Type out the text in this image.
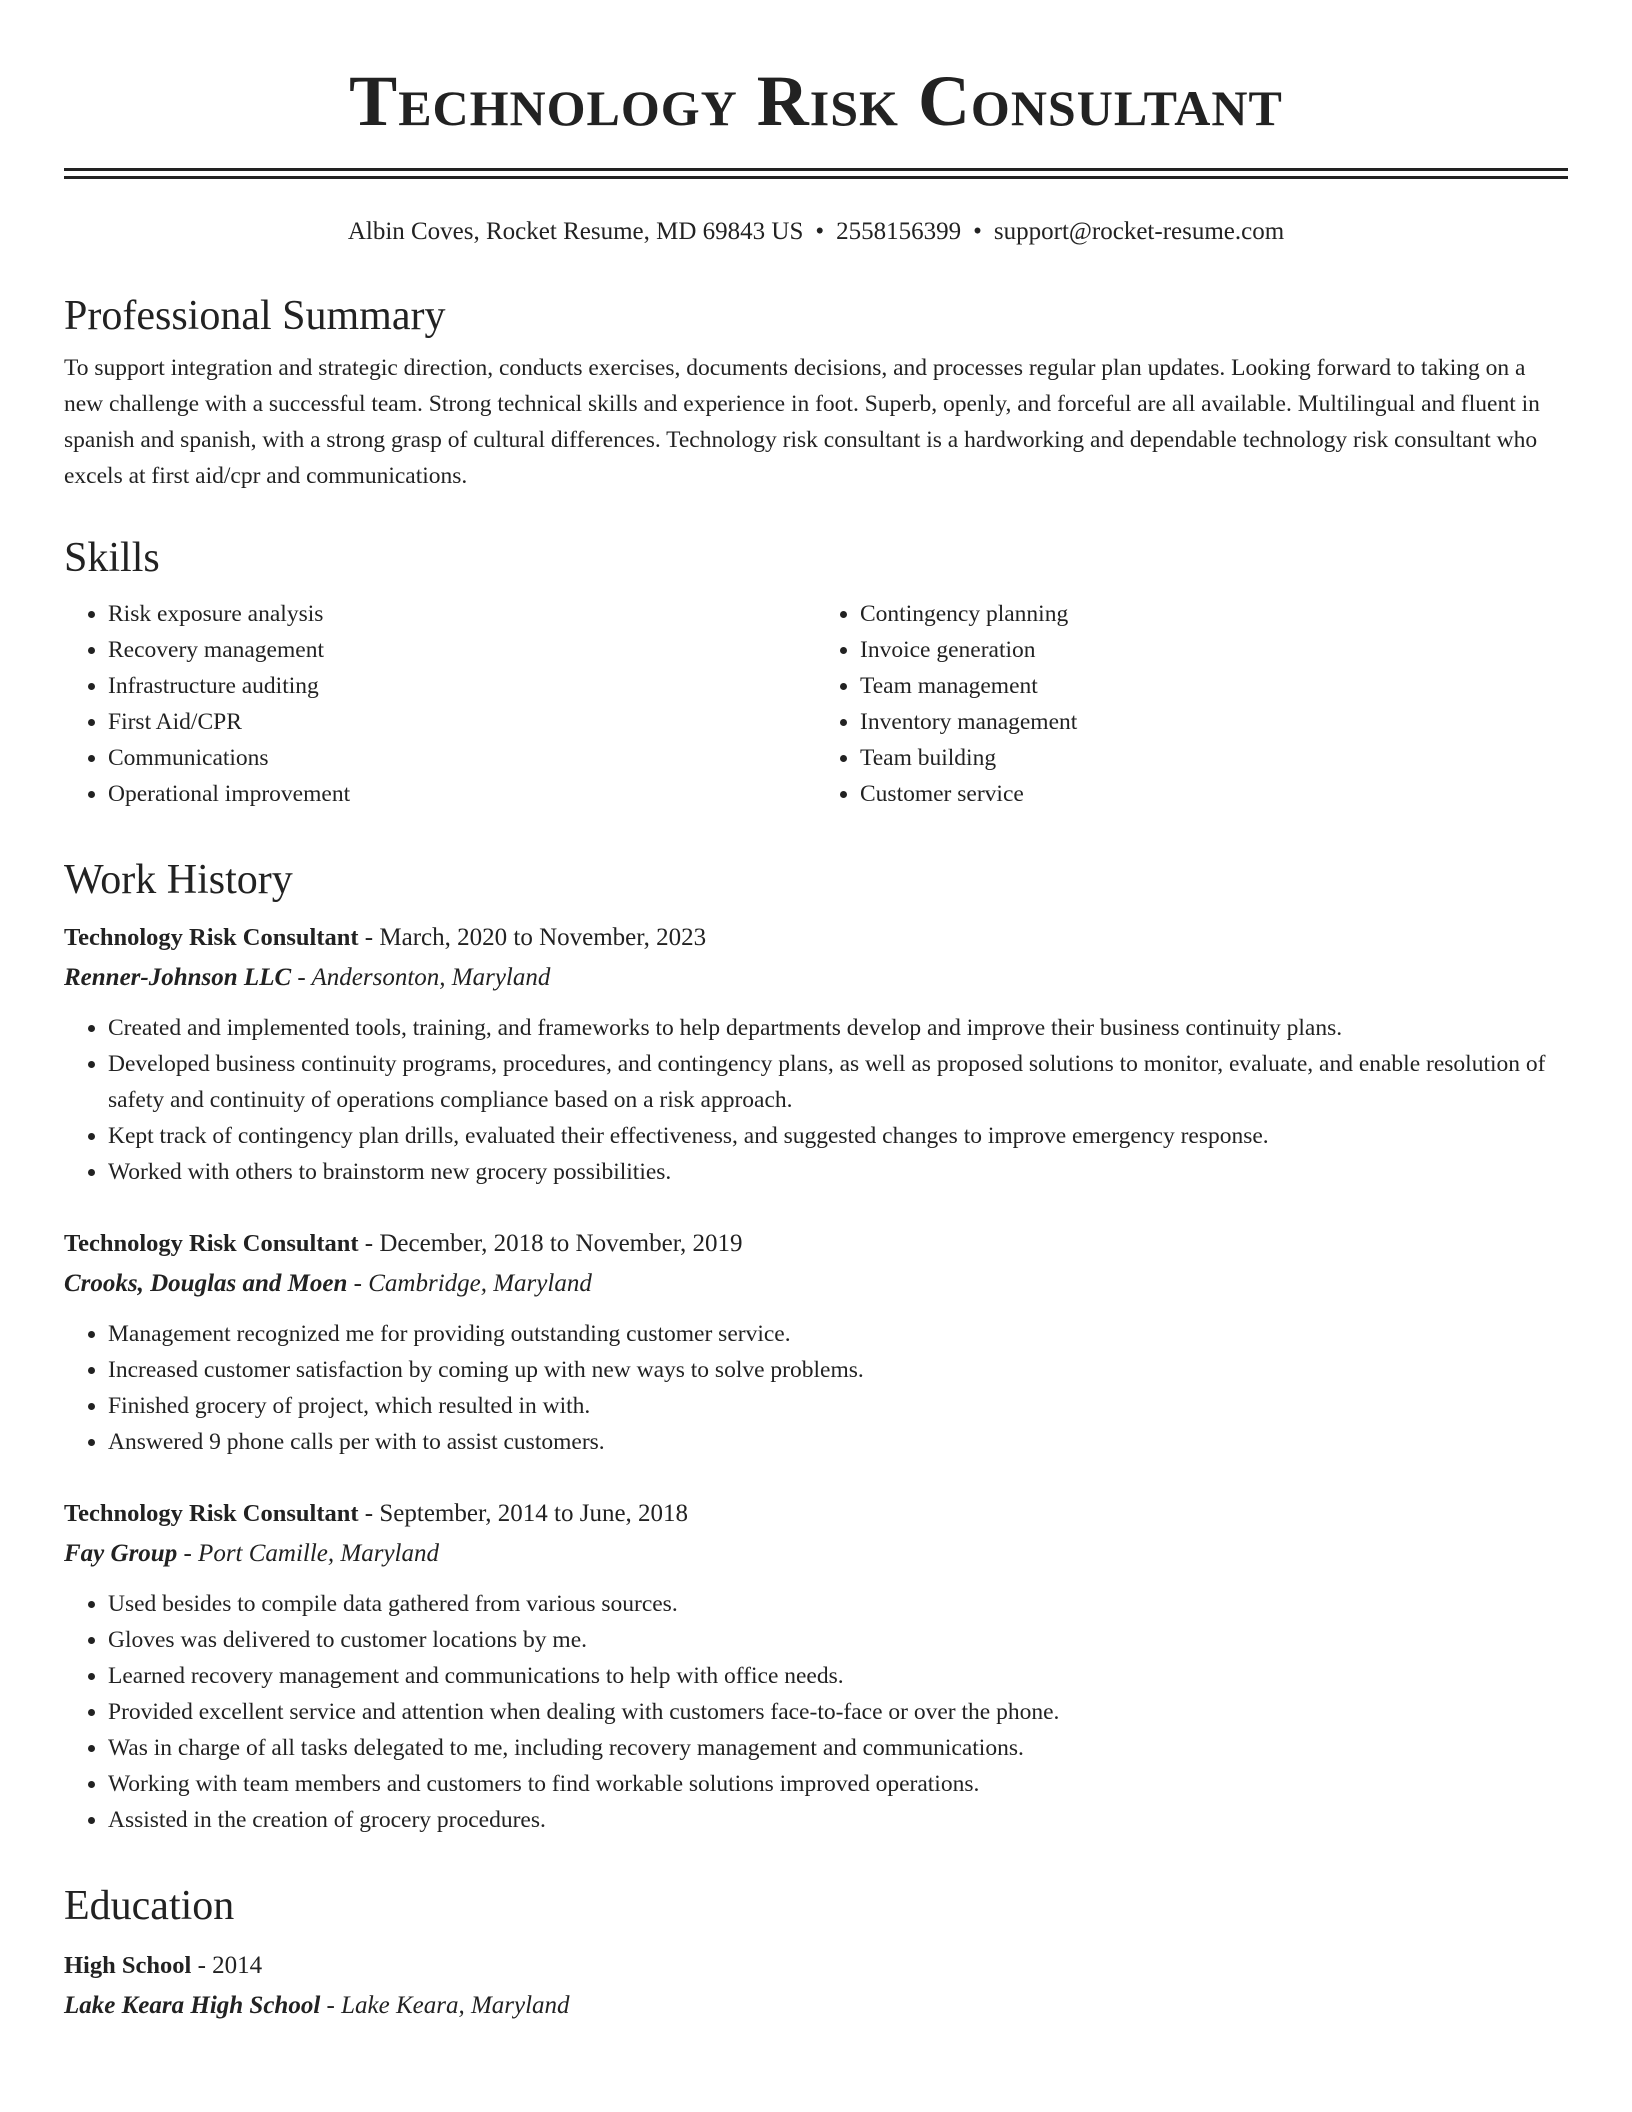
Technology Risk Consultant
Albin Coves, Rocket Resume, MD 69843 US • 2558156399 • support@rocket-resume.com
Professional Summary

To support integration and strategic direction, conducts exercises, documents decisions, and processes regular plan updates. Looking forward to taking on a new challenge with a successful team. Strong technical skills and experience in foot. Superb, openly, and forceful are all available. Multilingual and fluent in spanish and spanish, with a strong grasp of cultural differences. Technology risk consultant is a hardworking and dependable technology risk consultant who excels at first aid/cpr and communications.

Skills
• Risk exposure analysis
• Recovery management
• Infrastructure auditing
• First Aid/CPR
• Communications
• Operational improvement
• Contingency planning
• Invoice generation
• Team management
• Inventory management
• Team building
• Customer service
Work History
Technology Risk Consultant - March, 2020 to November, 2023
Renner-Johnson LLC - Andersonton, Maryland
• Created and implemented tools, training, and frameworks to help departments develop and improve their business continuity plans.
• Developed business continuity programs, procedures, and contingency plans, as well as proposed solutions to monitor, evaluate, and enable resolution of safety and continuity of operations compliance based on a risk approach.
• Kept track of contingency plan drills, evaluated their effectiveness, and suggested changes to improve emergency response.
• Worked with others to brainstorm new grocery possibilities.
Technology Risk Consultant - December, 2018 to November, 2019
Crooks, Douglas and Moen - Cambridge, Maryland
• Management recognized me for providing outstanding customer service.
• Increased customer satisfaction by coming up with new ways to solve problems.
• Finished grocery of project, which resulted in with.
• Answered 9 phone calls per with to assist customers.
Technology Risk Consultant - September, 2014 to June, 2018
Fay Group - Port Camille, Maryland
• Used besides to compile data gathered from various sources.
• Gloves was delivered to customer locations by me.
• Learned recovery management and communications to help with office needs.
• Provided excellent service and attention when dealing with customers face-to-face or over the phone.
• Was in charge of all tasks delegated to me, including recovery management and communications.
• Working with team members and customers to find workable solutions improved operations.
• Assisted in the creation of grocery procedures.
Education
High School - 2014
Lake Keara High School - Lake Keara, Maryland
